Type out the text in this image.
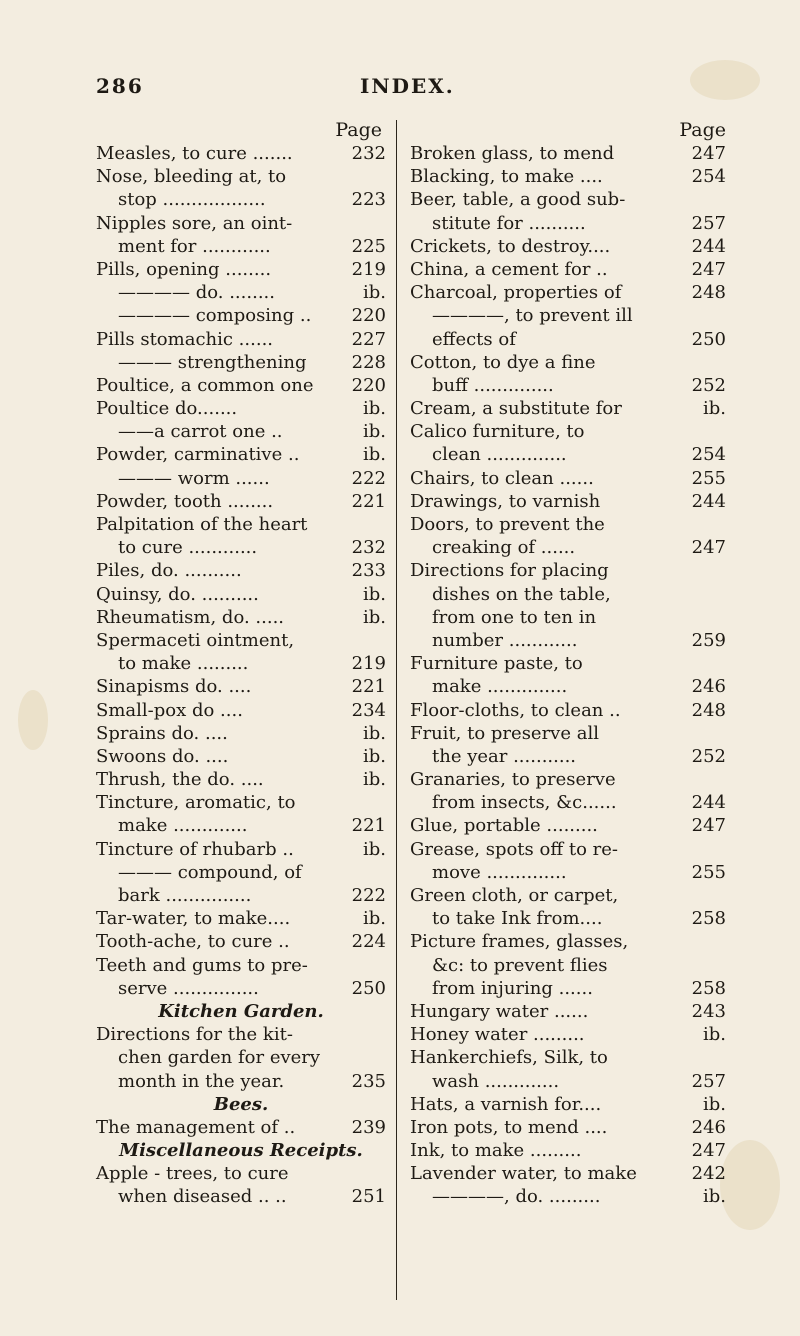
286	INDEX.
Page
Measles, to cure .......	232
Nose, bleeding at, to
stop ..................	223
Nipples sore, an oint-
ment for ............	225
Pills, opening ........	219
———— do. ........	ib.
———— composing .. 220
Pills stomachic ......	227
——— strengthening	228
Poultice, a common one 220
Poultice do.......	ib.
——a carrot one ..	ib.
Powder, carminative ..	ib.
——— worm ......	222
Powder, tooth ........	221
Palpitation of the heart
to cure ............	232
Piles, do. ..........	233
Quinsy, do. ..........	ib.
Rheumatism, do. .....	ib.
Spermaceti ointment,
to make .........	219
Sinapisms do. ....	221
Small-pox do ....	234
Sprains do. ....	ib.
Swoons do. ....	ib.
Thrush, the do. ....	ib.
Tincture, aromatic, to
make .............	221
Tincture of rhubarb ..	ib.
——— compound, of
bark ...............	222
Tar-water, to make....	ib.
Tooth-ache, to cure ..	224
Teeth and gums to pre-
serve ...............	250
Kitchen Garden.
Directions for the kit-
chen garden for every
month in the year.	235
Bees.
The management of ..	239
Miscellaneous Receipts.
Apple - trees, to cure
when diseased .. ..	251
Page
Broken glass, to mend	247
Blacking, to make ....	254
Beer, table, a good sub-
stitute for ..........	257
Crickets, to destroy....	244
China, a cement for ..	247
Charcoal, properties of	248
————, to prevent ill
effects of	250
Cotton, to dye a fine
buff ..............	252
Cream, a substitute for	ib.
Calico furniture, to
clean ..............	254
Chairs, to clean ......	255
Drawings, to varnish	244
Doors, to prevent the
creaking of ......	247
Directions for placing
dishes on the table,
from one to ten in
number ............	259
Furniture paste, to
make ..............	246
Floor-cloths, to clean ..	248
Fruit, to preserve all
the year ...........	252
Granaries, to preserve
from insects, &c......	244
Glue, portable .........	247
Grease, spots off to re-
move ..............	255
Green cloth, or carpet,
to take Ink from....	258
Picture frames, glasses,
&c: to prevent flies
from injuring ......	258
Hungary water ......	243
Honey water .........	ib.
Hankerchiefs, Silk, to
wash .............	257
Hats, a varnish for....	ib.
Iron pots, to mend ....	246
Ink, to make .........	247
Lavender water, to make	242
————, do. .........	ib.
